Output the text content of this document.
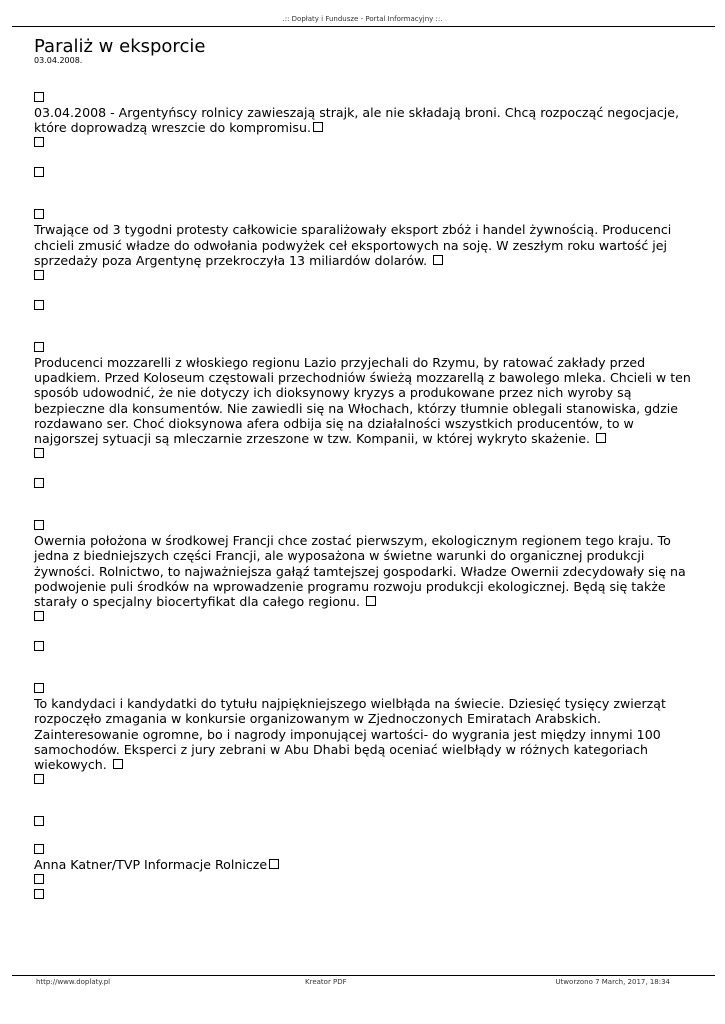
.:: Dopłaty i Fundusze - Portal Informacyjny ::.
Paraliż w eksporcie
03.04.2008.

03.04.2008 - Argentyńscy rolnicy zawieszają strajk, ale nie składają broni. Chcą rozpocząć negocjacje, które doprowadzą wreszcie do kompromisu.

Trwające od 3 tygodni protesty całkowicie sparaliżowały eksport zbóż i handel żywnością. Producenci chcieli zmusić władze do odwołania podwyżek ceł eksportowych na soję. W zeszłym roku wartość jej sprzedaży poza Argentynę przekroczyła 13 miliardów dolarów.

Producenci mozzarelli z włoskiego regionu Lazio przyjechali do Rzymu, by ratować zakłady przed upadkiem. Przed Koloseum częstowali przechodniów świeżą mozzarellą z bawolego mleka. Chcieli w ten sposób udowodnić, że nie dotyczy ich dioksynowy kryzys a produkowane przez nich wyroby są bezpieczne dla konsumentów. Nie zawiedli się na Włochach, którzy tłumnie oblegali stanowiska, gdzie rozdawano ser. Choć dioksynowa afera odbija się na działalności wszystkich producentów, to w najgorszej sytuacji są mleczarnie zrzeszone w tzw. Kompanii, w której wykryto skażenie.

Owernia położona w środkowej Francji chce zostać pierwszym, ekologicznym regionem tego kraju. To jedna z biedniejszych części Francji, ale wyposażona w świetne warunki do organicznej produkcji żywności. Rolnictwo, to najważniejsza gałąź tamtejszej gospodarki. Władze Owernii zdecydowały się na podwojenie puli środków na wprowadzenie programu rozwoju produkcji ekologicznej. Będą się także starały o specjalny biocertyfikat dla całego regionu.

To kandydaci i kandydatki do tytułu najpiękniejszego wielbłąda na świecie. Dziesięć tysięcy zwierząt rozpoczęło zmagania w konkursie organizowanym w Zjednoczonych Emiratach Arabskich. Zainteresowanie ogromne, bo i nagrody imponującej wartości- do wygrania jest między innymi 100 samochodów. Eksperci z jury zebrani w Abu Dhabi będą oceniać wielbłądy w różnych kategoriach wiekowych.

Anna Katner/TVP Informacje Rolnicze

http://www.doplaty.pl	Kreator PDF	Utworzono 7 March, 2017, 18:34
